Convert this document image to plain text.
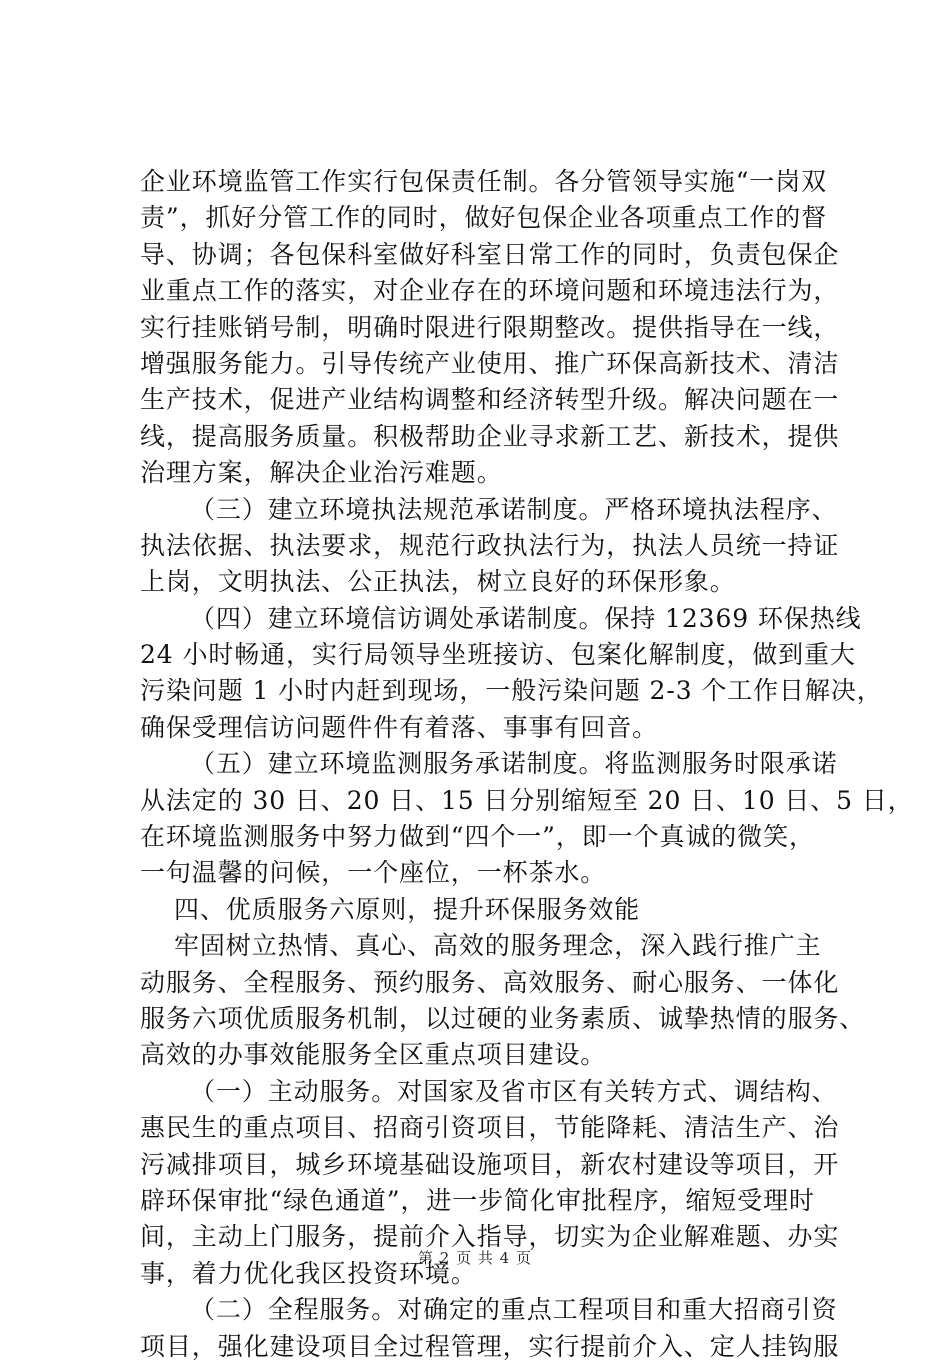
企业环境监管工作实行包保责任制。各分管领导实施“一岗双
责”，抓好分管工作的同时，做好包保企业各项重点工作的督
导、协调；各包保科室做好科室日常工作的同时，负责包保企
业重点工作的落实，对企业存在的环境问题和环境违法行为，
实行挂账销号制，明确时限进行限期整改。提供指导在一线，
增强服务能力。引导传统产业使用、推广环保高新技术、清洁
生产技术，促进产业结构调整和经济转型升级。解决问题在一
线，提高服务质量。积极帮助企业寻求新工艺、新技术，提供
治理方案，解决企业治污难题。
（三）建立环境执法规范承诺制度。严格环境执法程序、
执法依据、执法要求，规范行政执法行为，执法人员统一持证
上岗，文明执法、公正执法，树立良好的环保形象。
（四）建立环境信访调处承诺制度。保持 12369 环保热线
24 小时畅通，实行局领导坐班接访、包案化解制度，做到重大
污染问题 1 小时内赶到现场，一般污染问题 2-3 个工作日解决，
确保受理信访问题件件有着落、事事有回音。
（五）建立环境监测服务承诺制度。将监测服务时限承诺
从法定的 30 日、20 日、15 日分别缩短至 20 日、10 日、5 日，
在环境监测服务中努力做到“四个一”，即一个真诚的微笑，
一句温馨的问候，一个座位，一杯茶水。
四、优质服务六原则，提升环保服务效能
牢固树立热情、真心、高效的服务理念，深入践行推广主
动服务、全程服务、预约服务、高效服务、耐心服务、一体化
服务六项优质服务机制，以过硬的业务素质、诚挚热情的服务、
高效的办事效能服务全区重点项目建设。
（一）主动服务。对国家及省市区有关转方式、调结构、
惠民生的重点项目、招商引资项目，节能降耗、清洁生产、治
污减排项目，城乡环境基础设施项目，新农村建设等项目，开
辟环保审批“绿色通道”，进一步简化审批程序，缩短受理时
间，主动上门服务，提前介入指导，切实为企业解难题、办实
事，着力优化我区投资环境。
（二）全程服务。对确定的重点工程项目和重大招商引资
项目，强化建设项目全过程管理，实行提前介入、定人挂钩服
第 2 页 共 4 页
